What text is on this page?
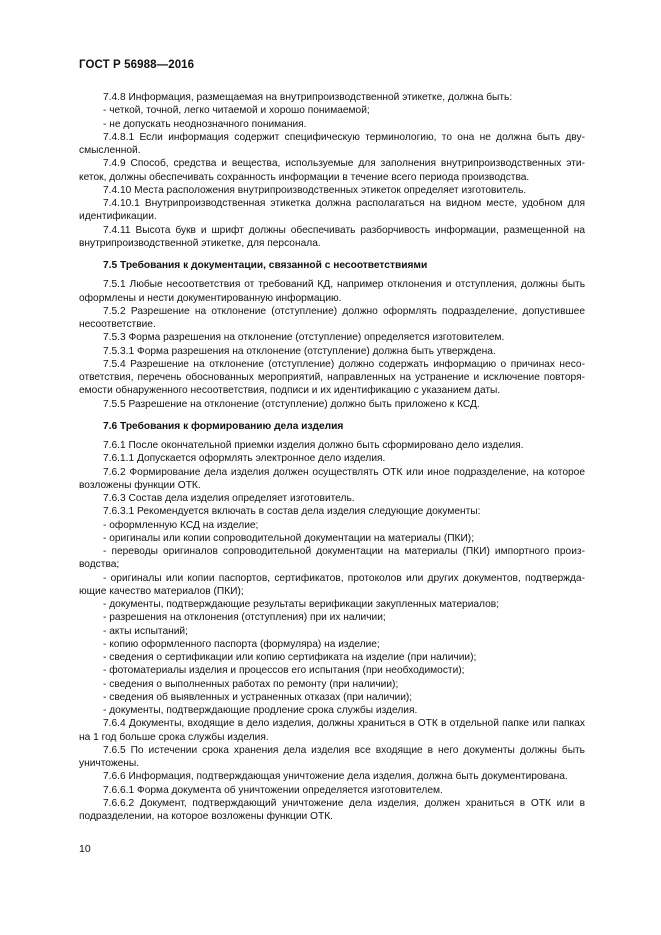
ГОСТ Р 56988—2016

7.4.8 Информация, размещаемая на внутрипроизводственной этикетке, должна быть:

- четкой, точной, легко читаемой и хорошо понимаемой;

- не допускать неоднозначного понимания.

7.4.8.1 Если информация содержит специфическую терминологию, то она не должна быть двусмысленной.

7.4.9 Способ, средства и вещества, используемые для заполнения внутрипроизводственных этикеток, должны обеспечивать сохранность информации в течение всего периода производства.

7.4.10 Места расположения внутрипроизводственных этикеток определяет изготовитель.

7.4.10.1 Внутрипроизводственная этикетка должна располагаться на видном месте, удобном для идентификации.

7.4.11 Высота букв и шрифт должны обеспечивать разборчивость информации, размещенной на внутрипроизводственной этикетке, для персонала.

7.5 Требования к документации, связанной с несоответствиями

7.5.1 Любые несоответствия от требований КД, например отклонения и отступления, должны быть оформлены и нести документированную информацию.

7.5.2 Разрешение на отклонение (отступление) должно оформлять подразделение, допустившее несоответствие.

7.5.3 Форма разрешения на отклонение (отступление) определяется изготовителем.

7.5.3.1 Форма разрешения на отклонение (отступление) должна быть утверждена.

7.5.4 Разрешение на отклонение (отступление) должно содержать информацию о причинах несоответствия, перечень обоснованных мероприятий, направленных на устранение и исключение повторяемости обнаруженного несоответствия, подписи и их идентификацию с указанием даты.

7.5.5 Разрешение на отклонение (отступление) должно быть приложено к КСД.

7.6 Требования к формированию дела изделия

7.6.1 После окончательной приемки изделия должно быть сформировано дело изделия.

7.6.1.1 Допускается оформлять электронное дело изделия.

7.6.2 Формирование дела изделия должен осуществлять ОТК или иное подразделение, на которое возложены функции ОТК.

7.6.3 Состав дела изделия определяет изготовитель.

7.6.3.1 Рекомендуется включать в состав дела изделия следующие документы:

- оформленную КСД на изделие;

- оригиналы или копии сопроводительной документации на материалы (ПКИ);

- переводы оригиналов сопроводительной документации на материалы (ПКИ) импортного производства;

- оригиналы или копии паспортов, сертификатов, протоколов или других документов, подтверждающие качество материалов (ПКИ);

- документы, подтверждающие результаты верификации закупленных материалов;

- разрешения на отклонения (отступления) при их наличии;

- акты испытаний;

- копию оформленного паспорта (формуляра) на изделие;

- сведения о сертификации или копию сертификата на изделие (при наличии);

- фотоматериалы изделия и процессов его испытания (при необходимости);

- сведения о выполненных работах по ремонту (при наличии);

- сведения об выявленных и устраненных отказах (при наличии);

- документы, подтверждающие продление срока службы изделия.

7.6.4 Документы, входящие в дело изделия, должны храниться в ОТК в отдельной папке или папках на 1 год больше срока службы изделия.

7.6.5 По истечении срока хранения дела изделия все входящие в него документы должны быть уничтожены.

7.6.6 Информация, подтверждающая уничтожение дела изделия, должна быть документирована.

7.6.6.1 Форма документа об уничтожении определяется изготовителем.

7.6.6.2 Документ, подтверждающий уничтожение дела изделия, должен храниться в ОТК или в подразделении, на которое возложены функции ОТК.

10
